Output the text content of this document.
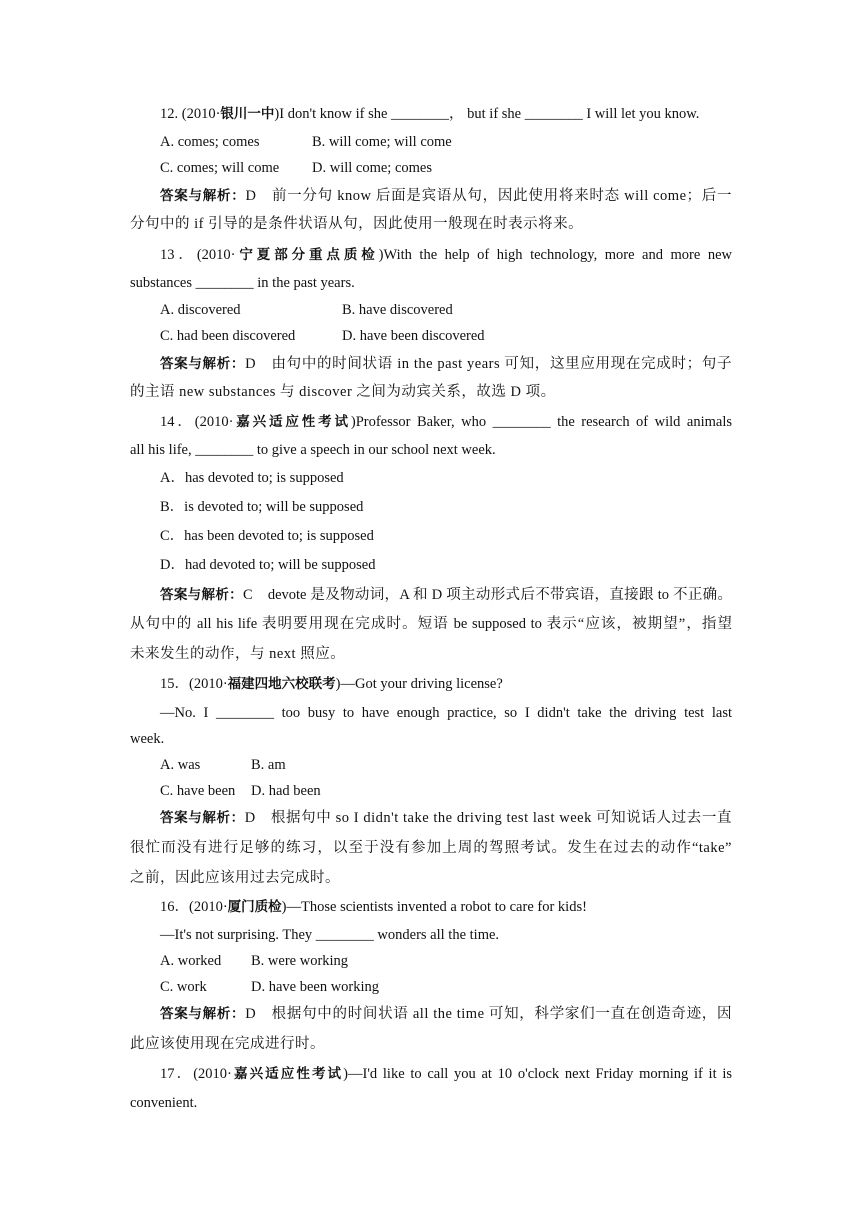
12. (2010·银川一中)I don't know if she ________， but if she ________ I will let you know.
A. comes; comes	B. will come; will come
C. comes; will come D. will come; comes
答案与解析：D　前一分句 know 后面是宾语从句，因此使用将来时态 will come；后一
分句中的 if 引导的是条件状语从句，因此使用一般现在时表示将来。
13．(2010·宁夏部分重点质检)With the help of high technology, more and more new
substances ________ in the past years.
A. discovered	B. have discovered
C. had been discovered	D. have been discovered
答案与解析：D　由句中的时间状语 in the past years 可知，这里应用现在完成时；句子
的主语 new substances 与 discover 之间为动宾关系，故选 D 项。
14．(2010·嘉兴适应性考试)Professor Baker, who ________ the research of wild animals
all his life, ________ to give a speech in our school next week.
A．has devoted to; is supposed
B．is devoted to; will be supposed
C．has been devoted to; is supposed
D．had devoted to; will be supposed
答案与解析：C　devote 是及物动词，A 和 D 项主动形式后不带宾语，直接跟 to 不正确。
从句中的 all his life 表明要用现在完成时。短语 be supposed to 表示“应该，被期望”，指望
未来发生的动作，与 next 照应。
15．(2010·福建四地六校联考)—Got your driving license?
—No. I ________ too busy to have enough practice, so I didn't take the driving test last
week.
A. was	B. am
C. have been D. had been
答案与解析：D　根据句中 so I didn't take the driving test last week 可知说话人过去一直
很忙而没有进行足够的练习，以至于没有参加上周的驾照考试。发生在过去的动作“take”
之前，因此应该用过去完成时。
16．(2010·厦门质检)—Those scientists invented a robot to care for kids!
—It's not surprising. They ________ wonders all the time.
A. worked B. were working
C. work	D. have been working
答案与解析：D　根据句中的时间状语 all the time 可知，科学家们一直在创造奇迹，因
此应该使用现在完成进行时。
17．(2010·嘉兴适应性考试)—I'd like to call you at 10 o'clock next Friday morning if it is
convenient.
